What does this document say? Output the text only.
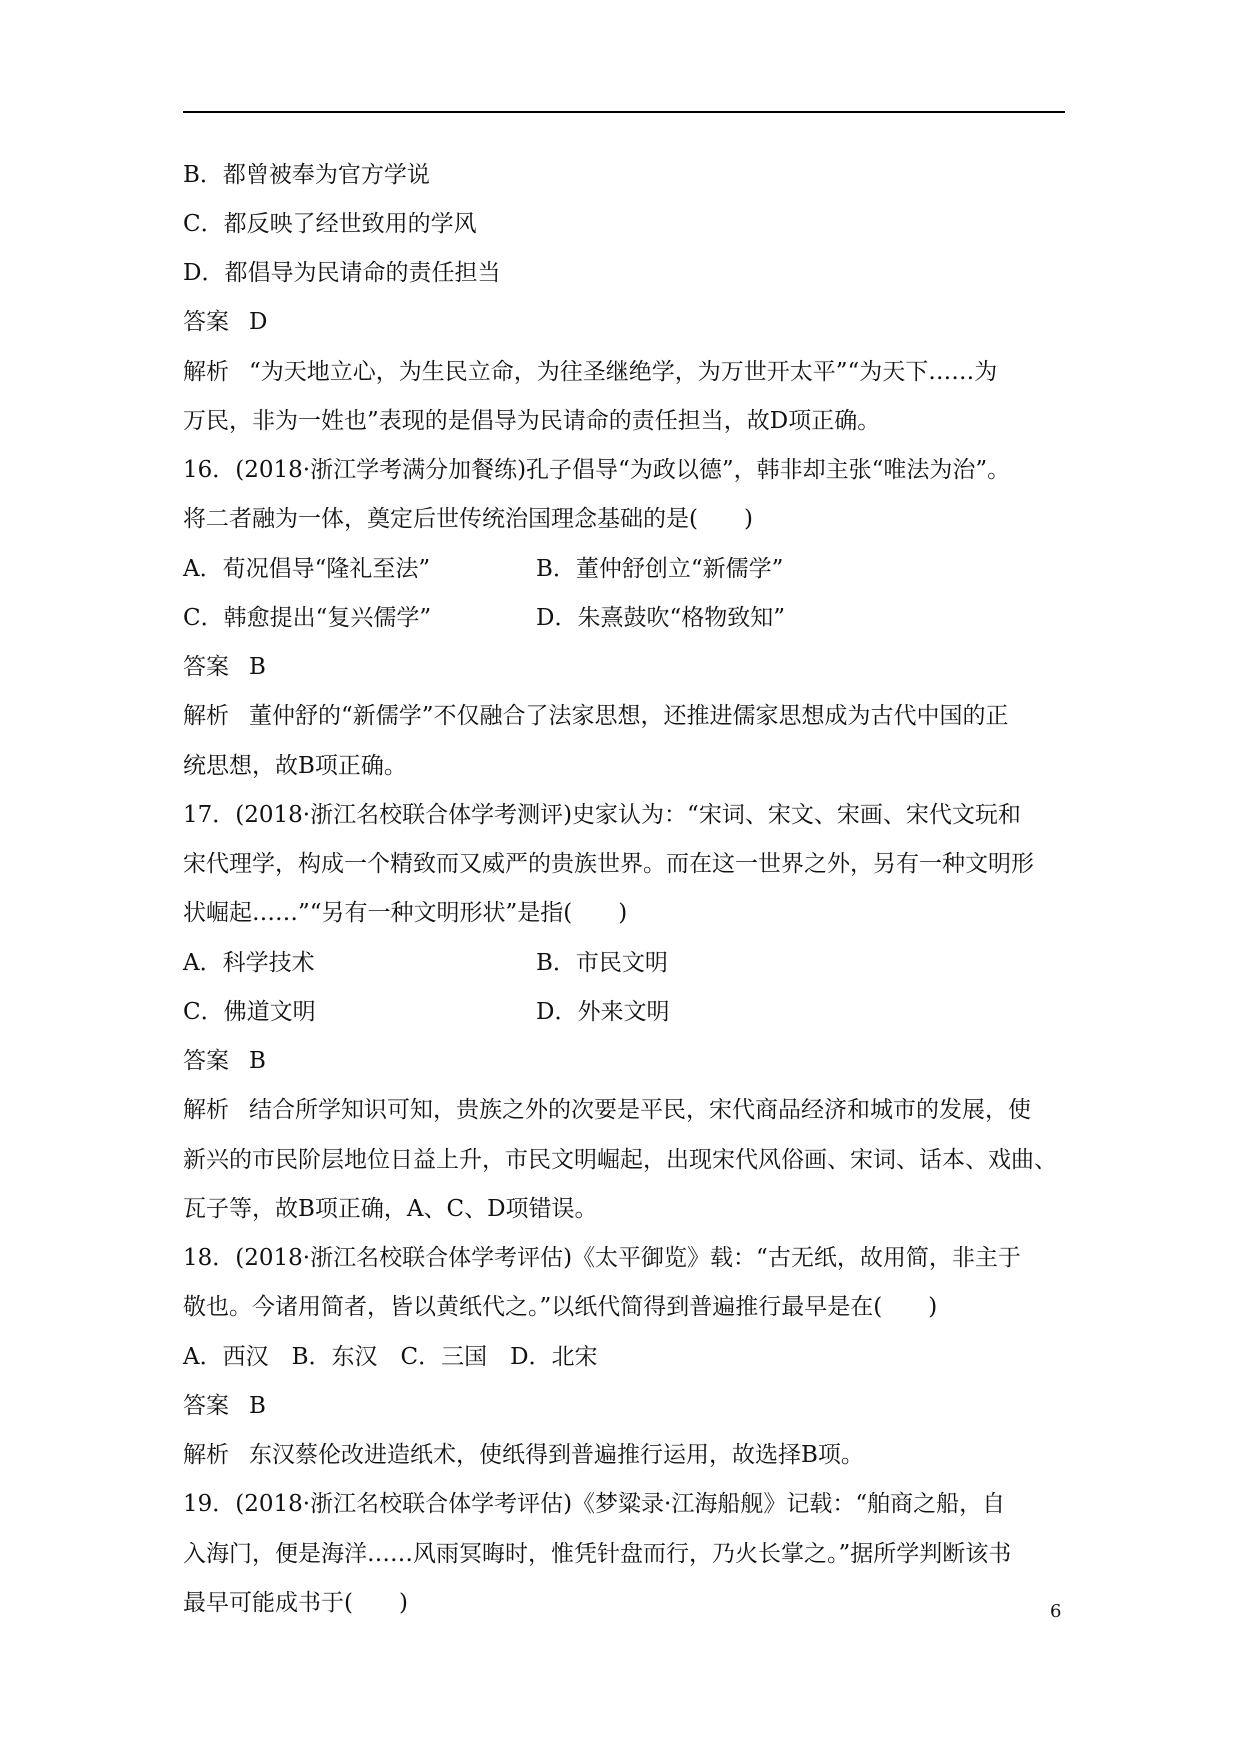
B．都曾被奉为官方学说
C．都反映了经世致用的学风
D．都倡导为民请命的责任担当
答案 D
解析 “为天地立心，为生民立命，为往圣继绝学，为万世开太平”“为天下……为
万民，非为一姓也”表现的是倡导为民请命的责任担当，故D项正确。
16．(2018·浙江学考满分加餐练)孔子倡导“为政以德”，韩非却主张“唯法为治”。
将二者融为一体，奠定后世传统治国理念基础的是(　　)
A．荀况倡导“隆礼至法”	B．董仲舒创立“新儒学”
C．韩愈提出“复兴儒学”	D．朱熹鼓吹“格物致知”
答案 B
解析 董仲舒的“新儒学”不仅融合了法家思想，还推进儒家思想成为古代中国的正
统思想，故B项正确。
17．(2018·浙江名校联合体学考测评)史家认为：“宋词、宋文、宋画、宋代文玩和
宋代理学，构成一个精致而又威严的贵族世界。而在这一世界之外，另有一种文明形
状崛起……”“另有一种文明形状”是指(　　)
A．科学技术	B．市民文明
C．佛道文明	D．外来文明
答案 B
解析 结合所学知识可知，贵族之外的次要是平民，宋代商品经济和城市的发展，使
新兴的市民阶层地位日益上升，市民文明崛起，出现宋代风俗画、宋词、话本、戏曲、
瓦子等，故B项正确，A、C、D项错误。
18．(2018·浙江名校联合体学考评估)《太平御览》载：“古无纸，故用简，非主于
敬也。今诸用简者，皆以黄纸代之。”以纸代简得到普遍推行最早是在(　　)
A．西汉　B．东汉　C．三国　D．北宋
答案 B
解析 东汉蔡伦改进造纸术，使纸得到普遍推行运用，故选择B项。
19．(2018·浙江名校联合体学考评估)《梦粱录·江海船舰》记载：“舶商之船，自
入海门，便是海洋……风雨冥晦时，惟凭针盘而行，乃火长掌之。”据所学判断该书
最早可能成书于(　　)	6
